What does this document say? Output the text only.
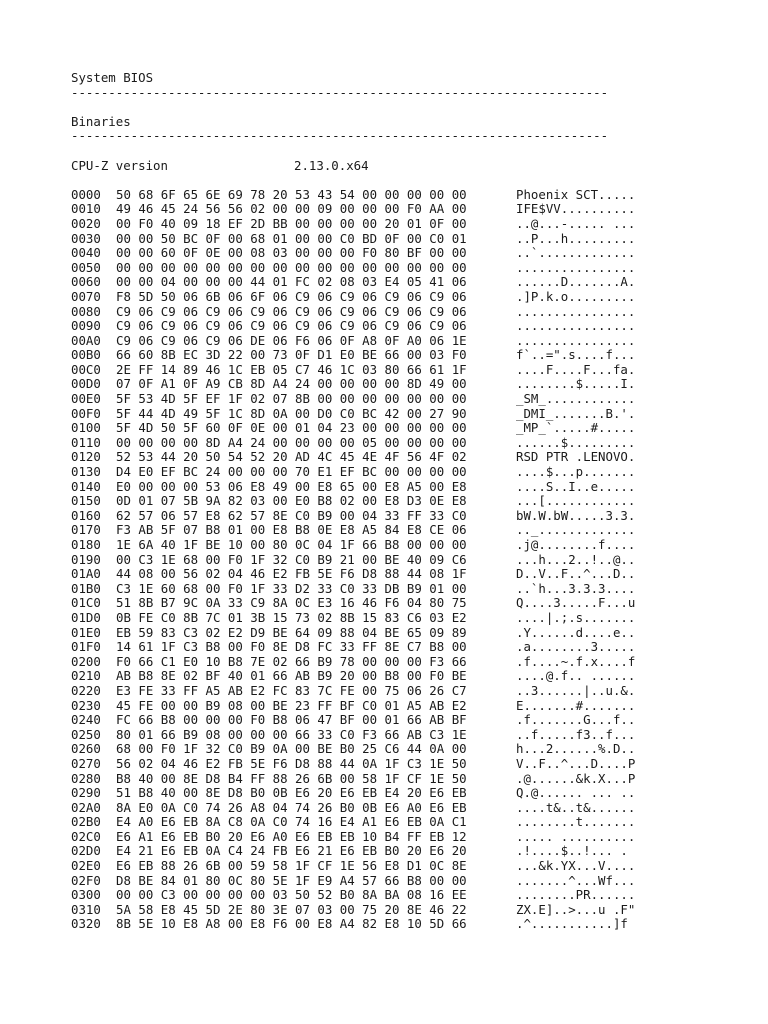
System BIOS
------------------------------------------------------------------------
Binaries
------------------------------------------------------------------------
CPU-Z version	2.13.0.x64
0000 50 68 6F 65 6E 69 78 20 53 43 54 00 00 00 00 00	Phoenix SCT.....
0010 49 46 45 24 56 56 02 00 00 09 00 00 00 F0 AA 00	IFE$VV..........
0020 00 F0 40 09 18 EF 2D BB 00 00 00 00 20 01 0F 00	..@...-..... ...
0030 00 00 50 BC 0F 00 68 01 00 00 C0 BD 0F 00 C0 01	..P...h.........
0040 00 00 60 0F 0E 00 08 03 00 00 00 F0 80 BF 00 00	..`.............
0050 00 00 00 00 00 00 00 00 00 00 00 00 00 00 00 00	................
0060 00 00 04 00 00 00 44 01 FC 02 08 03 E4 05 41 06	......D.......A.
0070 F8 5D 50 06 6B 06 6F 06 C9 06 C9 06 C9 06 C9 06	.]P.k.o.........
0080 C9 06 C9 06 C9 06 C9 06 C9 06 C9 06 C9 06 C9 06	................
0090 C9 06 C9 06 C9 06 C9 06 C9 06 C9 06 C9 06 C9 06	................
00A0 C9 06 C9 06 C9 06 DE 06 F6 06 0F A8 0F A0 06 1E	................
00B0 66 60 8B EC 3D 22 00 73 0F D1 E0 BE 66 00 03 F0	f`..=".s....f...
00C0 2E FF 14 89 46 1C EB 05 C7 46 1C 03 80 66 61 1F	....F....F...fa.
00D0 07 0F A1 0F A9 CB 8D A4 24 00 00 00 00 8D 49 00	........$.....I.
00E0 5F 53 4D 5F EF 1F 02 07 8B 00 00 00 00 00 00 00	_SM_............
00F0 5F 44 4D 49 5F 1C 8D 0A 00 D0 C0 BC 42 00 27 90	_DMI_.......B.'.
0100 5F 4D 50 5F 60 0F 0E 00 01 04 23 00 00 00 00 00	_MP_`.....#.....
0110 00 00 00 00 8D A4 24 00 00 00 00 05 00 00 00 00	......$.........
0120 52 53 44 20 50 54 52 20 AD 4C 45 4E 4F 56 4F 02	RSD PTR .LENOVO.
0130 D4 E0 EF BC 24 00 00 00 70 E1 EF BC 00 00 00 00	....$...p.......
0140 E0 00 00 00 53 06 E8 49 00 E8 65 00 E8 A5 00 E8	....S..I..e.....
0150 0D 01 07 5B 9A 82 03 00 E0 B8 02 00 E8 D3 0E E8	...[............
0160 62 57 06 57 E8 62 57 8E C0 B9 00 04 33 FF 33 C0	bW.W.bW.....3.3.
0170 F3 AB 5F 07 B8 01 00 E8 B8 0E E8 A5 84 E8 CE 06	.._.............
0180 1E 6A 40 1F BE 10 00 80 0C 04 1F 66 B8 00 00 00	.j@........f....
0190 00 C3 1E 68 00 F0 1F 32 C0 B9 21 00 BE 40 09 C6	...h...2..!..@..
01A0 44 08 00 56 02 04 46 E2 FB 5E F6 D8 88 44 08 1F	D..V..F..^...D..
01B0 C3 1E 60 68 00 F0 1F 33 D2 33 C0 33 DB B9 01 00	..`h...3.3.3....
01C0 51 8B B7 9C 0A 33 C9 8A 0C E3 16 46 F6 04 80 75	Q....3.....F...u
01D0 0B FE C0 8B 7C 01 3B 15 73 02 8B 15 83 C6 03 E2	....|.;.s.......
01E0 EB 59 83 C3 02 E2 D9 BE 64 09 88 04 BE 65 09 89	.Y......d....e..
01F0 14 61 1F C3 B8 00 F0 8E D8 FC 33 FF 8E C7 B8 00	.a........3.....
0200 F0 66 C1 E0 10 B8 7E 02 66 B9 78 00 00 00 F3 66	.f....~.f.x....f
0210 AB B8 8E 02 BF 40 01 66 AB B9 20 00 B8 00 F0 BE	....@.f.. ......
0220 E3 FE 33 FF A5 AB E2 FC 83 7C FE 00 75 06 26 C7	..3......|..u.&.
0230 45 FE 00 00 B9 08 00 BE 23 FF BF C0 01 A5 AB E2	E.......#.......
0240 FC 66 B8 00 00 00 F0 B8 06 47 BF 00 01 66 AB BF	.f.......G...f..
0250 80 01 66 B9 08 00 00 00 66 33 C0 F3 66 AB C3 1E	..f.....f3..f...
0260 68 00 F0 1F 32 C0 B9 0A 00 BE B0 25 C6 44 0A 00	h...2......%.D..
0270 56 02 04 46 E2 FB 5E F6 D8 88 44 0A 1F C3 1E 50	V..F..^...D....P
0280 B8 40 00 8E D8 B4 FF 88 26 6B 00 58 1F CF 1E 50	.@......&k.X...P
0290 51 B8 40 00 8E D8 B0 0B E6 20 E6 EB E4 20 E6 EB	Q.@...... ... ..
02A0 8A E0 0A C0 74 26 A8 04 74 26 B0 0B E6 A0 E6 EB	....t&..t&......
02B0 E4 A0 E6 EB 8A C8 0A C0 74 16 E4 A1 E6 EB 0A C1	........t.......
02C0 E6 A1 E6 EB B0 20 E6 A0 E6 EB EB 10 B4 FF EB 12	..... ..........
02D0 E4 21 E6 EB 0A C4 24 FB E6 21 E6 EB B0 20 E6 20	.!....$..!... .
02E0 E6 EB 88 26 6B 00 59 58 1F CF 1E 56 E8 D1 0C 8E	...&k.YX...V....
02F0 D8 BE 84 01 80 0C 80 5E 1F E9 A4 57 66 B8 00 00	.......^...Wf...
0300 00 00 C3 00 00 00 00 03 50 52 B0 8A BA 08 16 EE	........PR......
0310 5A 58 E8 45 5D 2E 80 3E 07 03 00 75 20 8E 46 22	ZX.E]..>...u .F"
0320 8B 5E 10 E8 A8 00 E8 F6 00 E8 A4 82 E8 10 5D 66	.^...........]f
